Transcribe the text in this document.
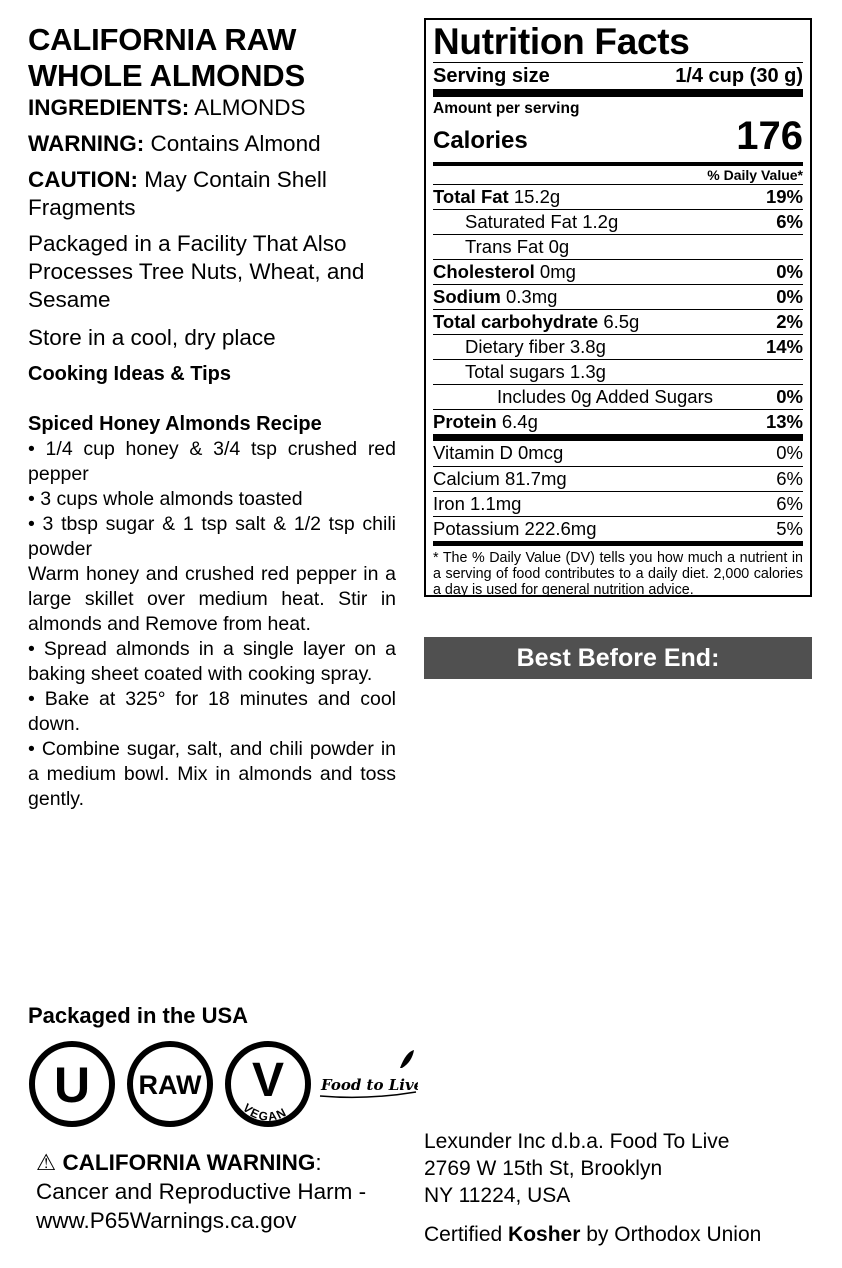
CALIFORNIA RAW
WHOLE ALMONDS
INGREDIENTS: ALMONDS
WARNING: Contains Almond
CAUTION: May Contain Shell Fragments
Packaged in a Facility That Also Processes Tree Nuts, Wheat, and Sesame
Store in a cool, dry place
Cooking Ideas & Tips
Spiced Honey Almonds Recipe
• 1/4 cup honey & 3/4 tsp crushed red pepper
• 3 cups whole almonds toasted
• 3 tbsp sugar & 1 tsp salt & 1/2 tsp chili powder
Warm honey and crushed red pepper in a large skillet over medium heat. Stir in almonds and Remove from heat.
• Spread almonds in a single layer on a baking sheet coated with cooking spray.
• Bake at 325° for 18 minutes and cool down.
• Combine sugar, salt, and chili powder in a medium bowl. Mix in almonds and toss gently.
Nutrition Facts
Serving size	1/4 cup (30 g)
Amount per serving
Calories	176
% Daily Value*
Total Fat 15.2g	19%
Saturated Fat 1.2g	6%
Trans Fat 0g
Cholesterol 0mg	0%
Sodium 0.3mg	0%
Total carbohydrate 6.5g	2%
Dietary fiber 3.8g	14%
Total sugars 1.3g
Includes 0g Added Sugars	0%
Protein 6.4g	13%
Vitamin D 0mcg	0%
Calcium 81.7mg	6%
Iron 1.1mg	6%
Potassium 222.6mg	5%
* The % Daily Value (DV) tells you how much a nutrient in a serving of food contributes to a daily diet. 2,000 calories a day is used for general nutrition advice.
Best Before End:
Packaged in the USA
U RAW V
VEGAN
Food to Live
⚠ CALIFORNIA WARNING:
Cancer and Reproductive Harm -
www.P65Warnings.ca.gov
Lexunder Inc d.b.a. Food To Live
2769 W 15th St, Brooklyn
NY 11224, USA
Certified Kosher by Orthodox Union
